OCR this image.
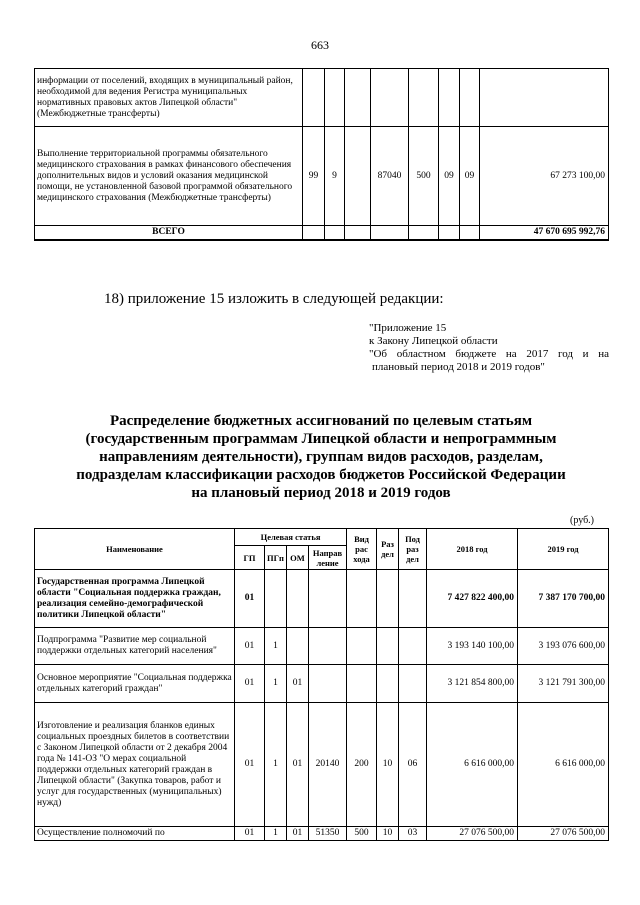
663
информации от поселений, входящих в муниципальный район, необходимой для ведения Регистра муниципальных нормативных правовых актов Липецкой области" (Межбюджетные трансферты)								
Выполнение территориальной программы обязательного медицинского страхования в рамках финансового обеспечения дополнительных видов и условий оказания медицинской помощи, не установленной базовой программой обязательного медицинского страхования (Межбюджетные трансферты)	99	9		87040	500	09	09	67 273 100,00
ВСЕГО								47 670 695 992,76
18) приложение 15 изложить в следующей редакции:
"Приложение 15
к Закону Липецкой области
"Об областном бюджете на 2017 год и на
плановый период 2018 и 2019 годов"
Распределение бюджетных ассигнований по целевым статьям
(государственным программам Липецкой области и непрограммным
направлениям деятельности), группам видов расходов, разделам,
подразделам классификации расходов бюджетов Российской Федерации
на плановый период 2018 и 2019 годов
(руб.)
Наименование	Целевая статья				Вид рас хода	Раз дел	Под раз дел	2018 год	2019 год
	ГП	ПГп	ОМ	Направ ление					
Государственная программа Липецкой области "Социальная поддержка граждан, реализация семейно-демографической политики Липецкой области"	01							7 427 822 400,00	7 387 170 700,00
Подпрограмма "Развитие мер социальной поддержки отдельных категорий населения"	01	1						3 193 140 100,00	3 193 076 600,00
Основное мероприятие "Социальная поддержка отдельных категорий граждан"	01	1	01					3 121 854 800,00	3 121 791 300,00
Изготовление и реализация бланков единых социальных проездных билетов в соответствии с Законом Липецкой области от 2 декабря 2004 года № 141-ОЗ "О мерах социальной поддержки отдельных категорий граждан в Липецкой области" (Закупка товаров, работ и услуг для государственных (муниципальных) нужд)	01	1	01	20140	200	10	06	6 616 000,00	6 616 000,00
Осуществление полномочий по	01	1	01	51350	500	10	03	27 076 500,00	27 076 500,00
